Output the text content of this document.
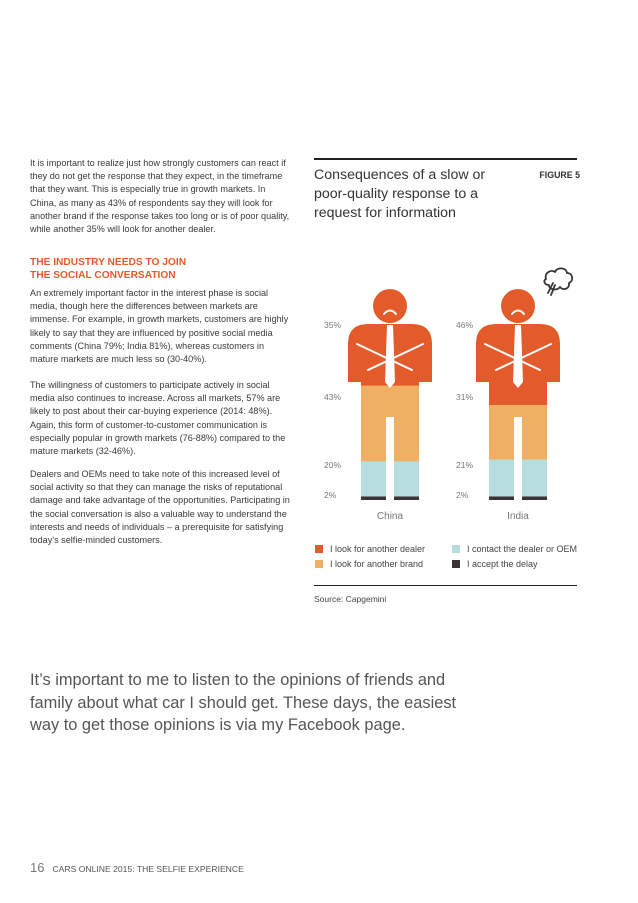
It is important to realize just how strongly customers can react if they do not get the response that they expect, in the timeframe that they want. This is especially true in growth markets. In China, as many as 43% of respondents say they will look for another brand if the response takes too long or is of poor quality, while another 35% will look for another dealer.
THE INDUSTRY NEEDS TO JOIN
THE SOCIAL CONVERSATION
An extremely important factor in the interest phase is social media, though here the differences between markets are immense. For example, in growth markets, customers are highly likely to say that they are influenced by positive social media comments (China 79%; India 81%), whereas customers in mature markets are much less so (30-40%).
The willingness of customers to participate actively in social media also continues to increase. Across all markets, 57% are likely to post about their car-buying experience (2014: 48%). Again, this form of customer-to-customer communication is especially popular in growth markets (76-88%) compared to the mature markets (32-46%).
Dealers and OEMs need to take note of this increased level of social activity so that they can manage the risks of reputational damage and take advantage of the opportunities. Participating in the social conversation is also a valuable way to understand the interests and needs of individuals – a prerequisite for satisfying today’s selfie-minded customers.
Consequences of a slow or poor-quality response to a request for information
FIGURE 5
35%
43%
20%
2%
China
46%
31%
21%
2%
India
I look for another dealer
I look for another brand
I contact the dealer or OEM
I accept the delay
Source: Capgemini
It’s important to me to listen to the opinions of friends and family about what car I should get. These days, the easiest way to get those opinions is via my Facebook page.
16 CARS ONLINE 2015: THE SELFIE EXPERIENCE
